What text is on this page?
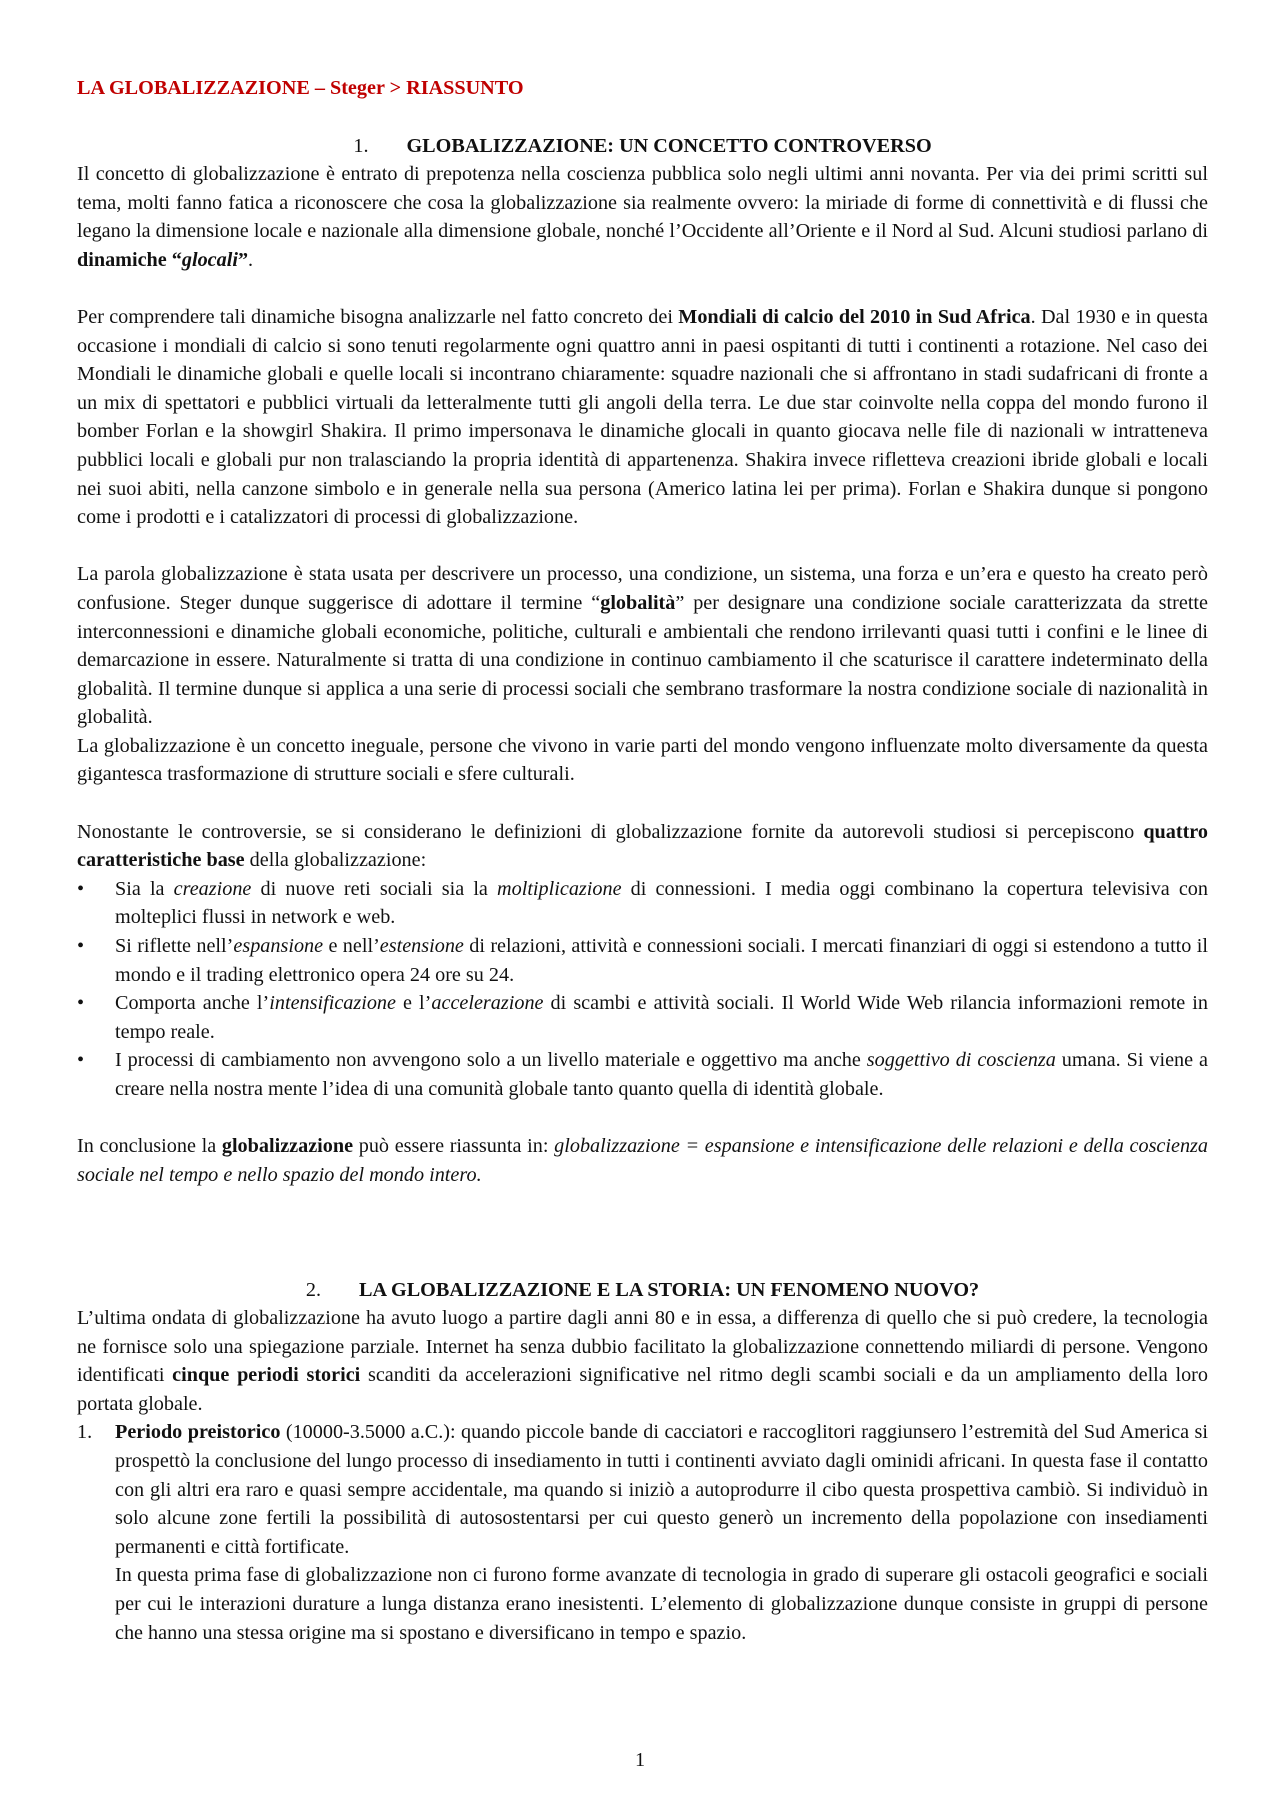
LA GLOBALIZZAZIONE – Steger > RIASSUNTO
1. GLOBALIZZAZIONE: UN CONCETTO CONTROVERSO

Il concetto di globalizzazione è entrato di prepotenza nella coscienza pubblica solo negli ultimi anni novanta. Per via dei primi scritti sul tema, molti fanno fatica a riconoscere che cosa la globalizzazione sia realmente ovvero: la miriade di forme di connettività e di flussi che legano la dimensione locale e nazionale alla dimensione globale, nonché l’Occidente all’Oriente e il Nord al Sud. Alcuni studiosi parlano di dinamiche “glocali”.

Per comprendere tali dinamiche bisogna analizzarle nel fatto concreto dei Mondiali di calcio del 2010 in Sud Africa. Dal 1930 e in questa occasione i mondiali di calcio si sono tenuti regolarmente ogni quattro anni in paesi ospitanti di tutti i continenti a rotazione. Nel caso dei Mondiali le dinamiche globali e quelle locali si incontrano chiaramente: squadre nazionali che si affrontano in stadi sudafricani di fronte a un mix di spettatori e pubblici virtuali da letteralmente tutti gli angoli della terra. Le due star coinvolte nella coppa del mondo furono il bomber Forlan e la showgirl Shakira. Il primo impersonava le dinamiche glocali in quanto giocava nelle file di nazionali w intratteneva pubblici locali e globali pur non tralasciando la propria identità di appartenenza. Shakira invece rifletteva creazioni ibride globali e locali nei suoi abiti, nella canzone simbolo e in generale nella sua persona (Americo latina lei per prima). Forlan e Shakira dunque si pongono come i prodotti e i catalizzatori di processi di globalizzazione.

La parola globalizzazione è stata usata per descrivere un processo, una condizione, un sistema, una forza e un’era e questo ha creato però confusione. Steger dunque suggerisce di adottare il termine “globalità” per designare una condizione sociale caratterizzata da strette interconnessioni e dinamiche globali economiche, politiche, culturali e ambientali che rendono irrilevanti quasi tutti i confini e le linee di demarcazione in essere. Naturalmente si tratta di una condizione in continuo cambiamento il che scaturisce il carattere indeterminato della globalità. Il termine dunque si applica a una serie di processi sociali che sembrano trasformare la nostra condizione sociale di nazionalità in globalità.

La globalizzazione è un concetto ineguale, persone che vivono in varie parti del mondo vengono influenzate molto diversamente da questa gigantesca trasformazione di strutture sociali e sfere culturali.

Nonostante le controversie, se si considerano le definizioni di globalizzazione fornite da autorevoli studiosi si percepiscono quattro caratteristiche base della globalizzazione:

• Sia la creazione di nuove reti sociali sia la moltiplicazione di connessioni. I media oggi combinano la copertura televisiva con molteplici flussi in network e web.
• Si riflette nell’espansione e nell’estensione di relazioni, attività e connessioni sociali. I mercati finanziari di oggi si estendono a tutto il mondo e il trading elettronico opera 24 ore su 24.
• Comporta anche l’intensificazione e l’accelerazione di scambi e attività sociali. Il World Wide Web rilancia informazioni remote in tempo reale.
• I processi di cambiamento non avvengono solo a un livello materiale e oggettivo ma anche soggettivo di coscienza umana. Si viene a creare nella nostra mente l’idea di una comunità globale tanto quanto quella di identità globale.

In conclusione la globalizzazione può essere riassunta in: globalizzazione = espansione e intensificazione delle relazioni e della coscienza sociale nel tempo e nello spazio del mondo intero.

2. LA GLOBALIZZAZIONE E LA STORIA: UN FENOMENO NUOVO?

L’ultima ondata di globalizzazione ha avuto luogo a partire dagli anni 80 e in essa, a differenza di quello che si può credere, la tecnologia ne fornisce solo una spiegazione parziale. Internet ha senza dubbio facilitato la globalizzazione connettendo miliardi di persone. Vengono identificati cinque periodi storici scanditi da accelerazioni significative nel ritmo degli scambi sociali e da un ampliamento della loro portata globale.

1. Periodo preistorico (10000-3.5000 a.C.): quando piccole bande di cacciatori e raccoglitori raggiunsero l’estremità del Sud America si prospettò la conclusione del lungo processo di insediamento in tutti i continenti avviato dagli ominidi africani. In questa fase il contatto con gli altri era raro e quasi sempre accidentale, ma quando si iniziò a autoprodurre il cibo questa prospettiva cambiò. Si individuò in solo alcune zone fertili la possibilità di autosostentarsi per cui questo generò un incremento della popolazione con insediamenti permanenti e città fortificate.

In questa prima fase di globalizzazione non ci furono forme avanzate di tecnologia in grado di superare gli ostacoli geografici e sociali per cui le interazioni durature a lunga distanza erano inesistenti. L’elemento di globalizzazione dunque consiste in gruppi di persone che hanno una stessa origine ma si spostano e diversificano in tempo e spazio.

1
